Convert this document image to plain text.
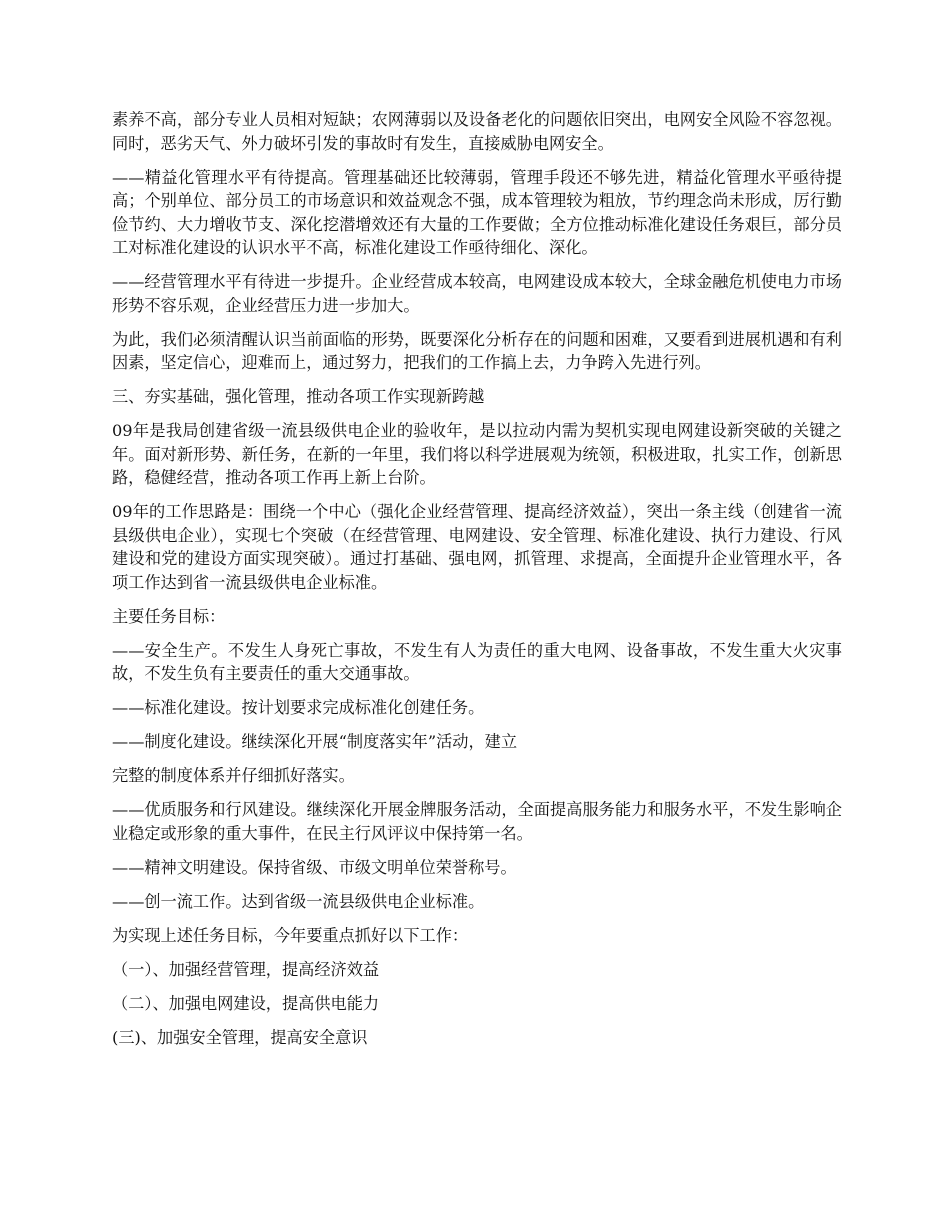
素养不高，部分专业人员相对短缺；农网薄弱以及设备老化的问题依旧突出，电网安全风险不容忽视。同时，恶劣天气、外力破坏引发的事故时有发生，直接威胁电网安全。

——精益化管理水平有待提高。管理基础还比较薄弱，管理手段还不够先进，精益化管理水平亟待提高；个别单位、部分员工的市场意识和效益观念不强，成本管理较为粗放，节约理念尚未形成，厉行勤俭节约、大力增收节支、深化挖潜增效还有大量的工作要做；全方位推动标准化建设任务艰巨，部分员工对标准化建设的认识水平不高，标准化建设工作亟待细化、深化。

——经营管理水平有待进一步提升。企业经营成本较高，电网建设成本较大，全球金融危机使电力市场形势不容乐观，企业经营压力进一步加大。

为此，我们必须清醒认识当前面临的形势，既要深化分析存在的问题和困难，又要看到进展机遇和有利因素，坚定信心，迎难而上，通过努力，把我们的工作搞上去，力争跨入先进行列。

三、夯实基础，强化管理，推动各项工作实现新跨越

09年是我局创建省级一流县级供电企业的验收年，是以拉动内需为契机实现电网建设新突破的关键之年。面对新形势、新任务，在新的一年里，我们将以科学进展观为统领，积极进取，扎实工作，创新思路，稳健经营，推动各项工作再上新上台阶。

09年的工作思路是：围绕一个中心（强化企业经营管理、提高经济效益），突出一条主线（创建省一流县级供电企业），实现七个突破（在经营管理、电网建设、安全管理、标准化建设、执行力建设、行风建设和党的建设方面实现突破）。通过打基础、强电网，抓管理、求提高，全面提升企业管理水平，各项工作达到省一流县级供电企业标准。

主要任务目标：

——安全生产。不发生人身死亡事故，不发生有人为责任的重大电网、设备事故，不发生重大火灾事故，不发生负有主要责任的重大交通事故。

——标准化建设。按计划要求完成标准化创建任务。

——制度化建设。继续深化开展“制度落实年”活动，建立

完整的制度体系并仔细抓好落实。

——优质服务和行风建设。继续深化开展金牌服务活动，全面提高服务能力和服务水平，不发生影响企业稳定或形象的重大事件，在民主行风评议中保持第一名。

——精神文明建设。保持省级、市级文明单位荣誉称号。

——创一流工作。达到省级一流县级供电企业标准。

为实现上述任务目标，今年要重点抓好以下工作：

（一）、加强经营管理，提高经济效益

（二）、加强电网建设，提高供电能力

(三)、加强安全管理，提高安全意识
